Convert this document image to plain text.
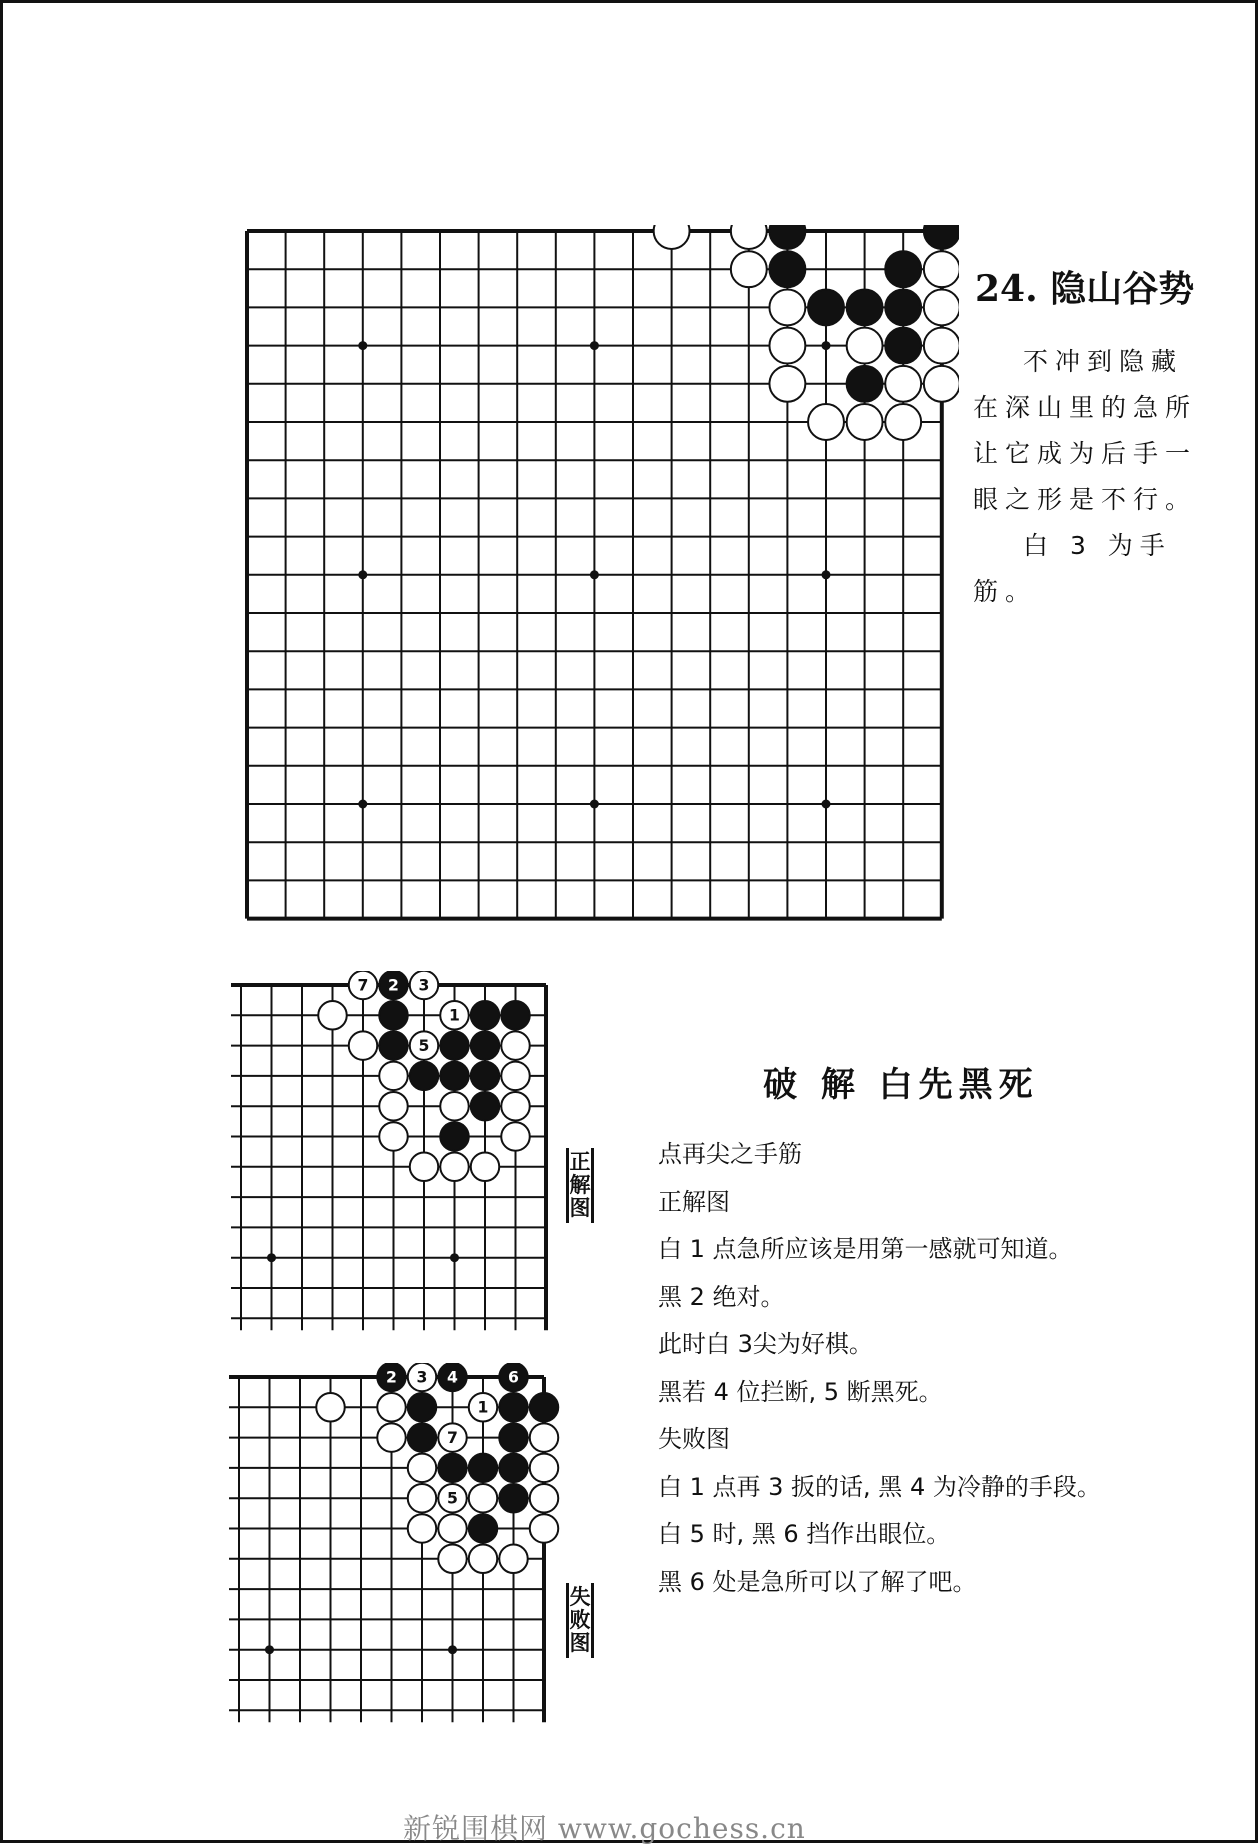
24. 隐山谷势

不冲到隐藏在深山里的急所让它成为后手一眼之形是不行。

白 3 为手筋。

7 2 3
1
5
正解图
破 解 白先黑死
点再尖之手筋
正解图
白 1 点急所应该是用第一感就可知道。
黑 2 绝对。
此时白 3尖为好棋。
黑若 4 位拦断, 5 断黑死。
失败图
白 1 点再 3 扳的话, 黑 4 为冷静的手段。
白 5 时, 黑 6 挡作出眼位。
黑 6 处是急所可以了解了吧。
2 3 4	6
1
7
5
失败图
新锐围棋网 www.gochess.cn
